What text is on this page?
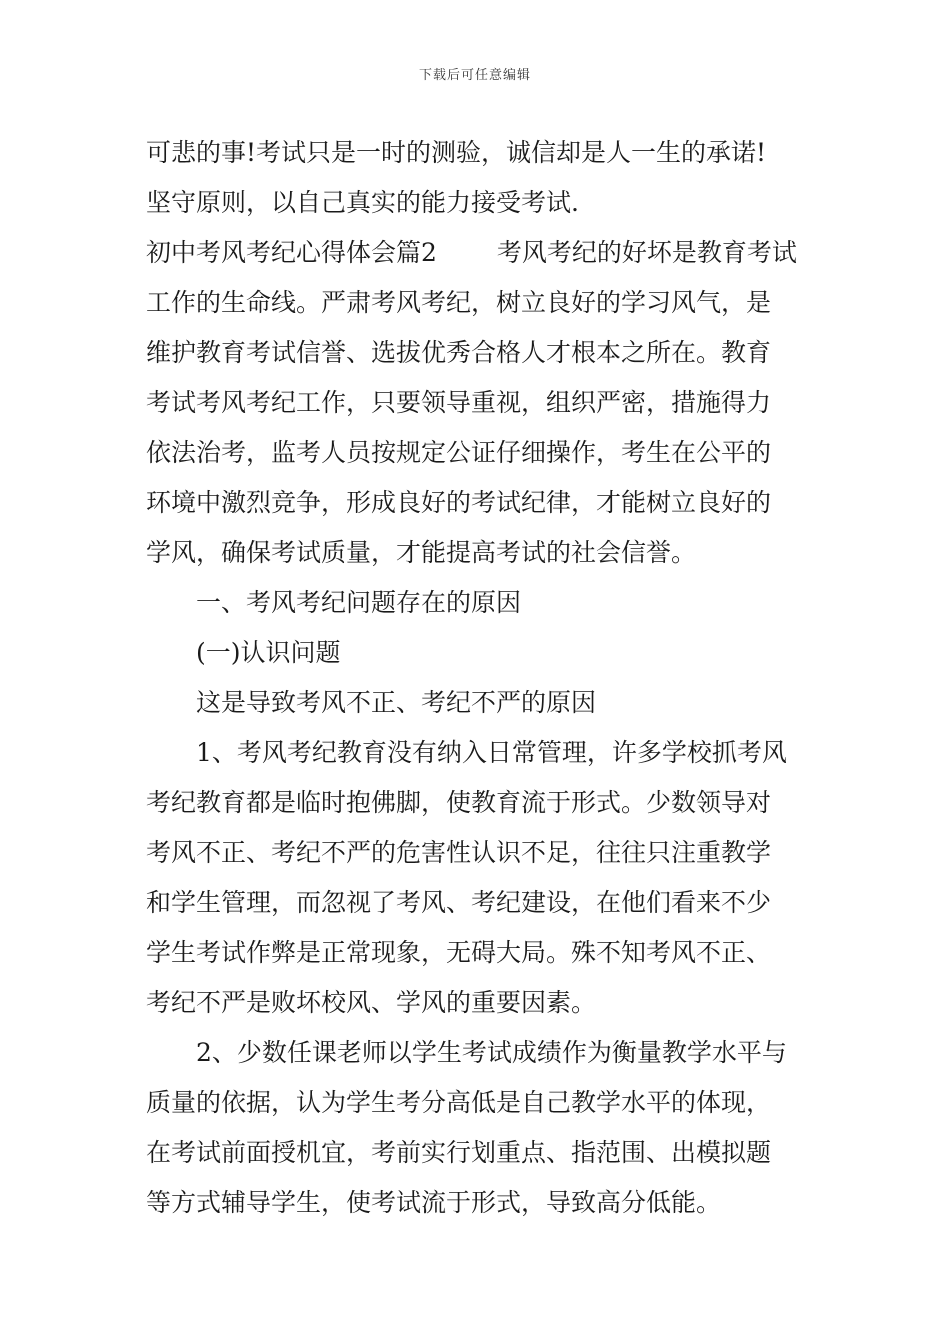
下载后可任意编辑
可悲的事!考试只是一时的测验，诚信却是人一生的承诺!
坚守原则，以自己真实的能力接受考试.
初中考风考纪心得体会篇2 考风考纪的好坏是教育考试
工作的生命线。严肃考风考纪，树立良好的学习风气，是
维护教育考试信誉、选拔优秀合格人才根本之所在。教育
考试考风考纪工作，只要领导重视，组织严密，措施得力
依法治考，监考人员按规定公证仔细操作，考生在公平的
环境中激烈竞争，形成良好的考试纪律，才能树立良好的
学风，确保考试质量，才能提高考试的社会信誉。
一、考风考纪问题存在的原因
(一)认识问题
这是导致考风不正、考纪不严的原因
1、考风考纪教育没有纳入日常管理，许多学校抓考风
考纪教育都是临时抱佛脚，使教育流于形式。少数领导对
考风不正、考纪不严的危害性认识不足，往往只注重教学
和学生管理，而忽视了考风、考纪建设，在他们看来不少
学生考试作弊是正常现象，无碍大局。殊不知考风不正、
考纪不严是败坏校风、学风的重要因素。
2、少数任课老师以学生考试成绩作为衡量教学水平与
质量的依据，认为学生考分高低是自己教学水平的体现，
在考试前面授机宜，考前实行划重点、指范围、出模拟题
等方式辅导学生，使考试流于形式，导致高分低能。
